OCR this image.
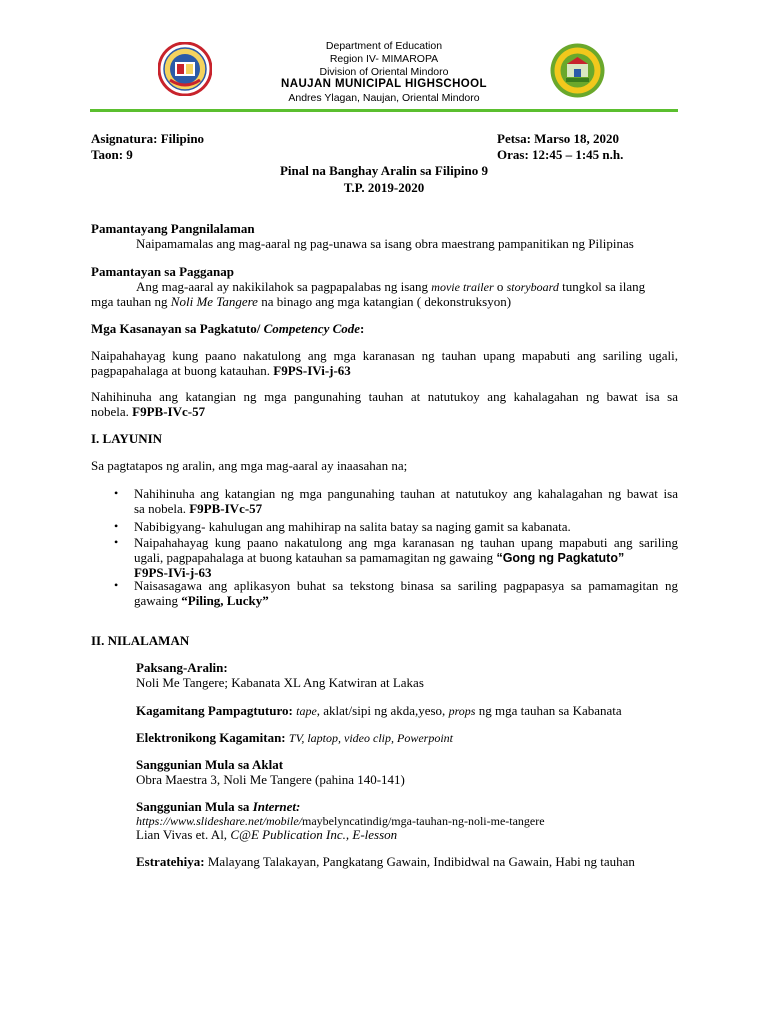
Department of Education
Region IV- MIMAROPA
Division of Oriental Mindoro
NAUJAN MUNICIPAL HIGHSCHOOL
Andres Ylagan, Naujan, Oriental Mindoro
Asignatura: Filipino
Taon: 9
Petsa: Marso 18, 2020
Oras: 12:45 – 1:45 n.h.
Pinal na Banghay Aralin sa Filipino 9
T.P. 2019-2020
Pamantayang Pangnilalaman
Naipamamalas ang mag-aaral ng pag-unawa sa isang obra maestrang pampanitikan ng Pilipinas
Pamantayan sa Pagganap
Ang mag-aaral ay nakikilahok sa pagpapalabas ng isang movie trailer o storyboard tungkol sa ilang
mga tauhan ng Noli Me Tangere na binago ang mga katangian ( dekonstruksyon)
Mga Kasanayan sa Pagkatuto/ Competency Code:
Naipahahayag kung paano nakatulong ang mga karanasan ng tauhan upang mapabuti ang sariling ugali,
pagpapahalaga at buong katauhan. F9PS-IVi-j-63
Nahihinuha ang katangian ng mga pangunahing tauhan at natutukoy ang kahalagahan ng bawat isa sa
nobela. F9PB-IVc-57
I. LAYUNIN
Sa pagtatapos ng aralin, ang mga mag-aaral ay inaasahan na;
• Nahihinuha ang katangian ng mga pangunahing tauhan at natutukoy ang kahalagahan ng bawat isa
sa nobela. F9PB-IVc-57
• Nabibigyang- kahulugan ang mahihirap na salita batay sa naging gamit sa kabanata.
• Naipahahayag kung paano nakatulong ang mga karanasan ng tauhan upang mapabuti ang sariling
ugali, pagpapahalaga at buong katauhan sa pamamagitan ng gawaing “Gong ng Pagkatuto”
F9PS-IVi-j-63
• Naisasagawa ang aplikasyon buhat sa tekstong binasa sa sariling pagpapasya sa pamamagitan ng
gawaing “Piling, Lucky”
II. NILALAMAN
Paksang-Aralin:
Noli Me Tangere; Kabanata XL Ang Katwiran at Lakas
Kagamitang Pampagtuturo: tape, aklat/sipi ng akda,yeso, props ng mga tauhan sa Kabanata
Elektronikong Kagamitan: TV, laptop, video clip, Powerpoint
Sanggunian Mula sa Aklat
Obra Maestra 3, Noli Me Tangere (pahina 140-141)
Sanggunian Mula sa Internet:
https://www.slideshare.net/mobile/maybelyncatindig/mga-tauhan-ng-noli-me-tangere
Lian Vivas et. Al, C@E Publication Inc., E-lesson
Estratehiya: Malayang Talakayan, Pangkatang Gawain, Indibidwal na Gawain, Habi ng tauhan
